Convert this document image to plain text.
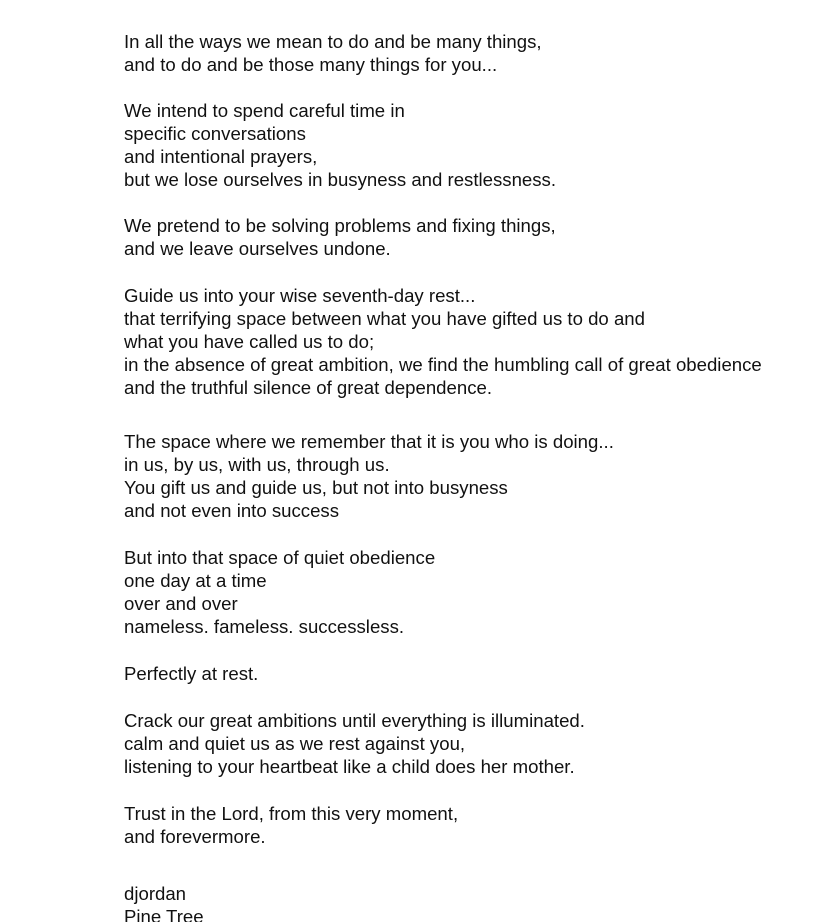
In all the ways we mean to do and be many things,
and to do and be those many things for you...
We intend to spend careful time in
specific conversations
and intentional prayers,
but we lose ourselves in busyness and restlessness.
We pretend to be solving problems and fixing things,
and we leave ourselves undone.
Guide us into your wise seventh-day rest...
that terrifying space between what you have gifted us to do and
what you have called us to do;
in the absence of great ambition, we find the humbling call of great obedience
and the truthful silence of great dependence.
The space where we remember that it is you who is doing...
in us, by us, with us, through us.
You gift us and guide us, but not into busyness
and not even into success
But into that space of quiet obedience
one day at a time
over and over
nameless. fameless. successless.
Perfectly at rest.
Crack our great ambitions until everything is illuminated.
calm and quiet us as we rest against you,
listening to your heartbeat like a child does her mother.
Trust in the Lord, from this very moment,
and forevermore.
djordan
Pine Tree
